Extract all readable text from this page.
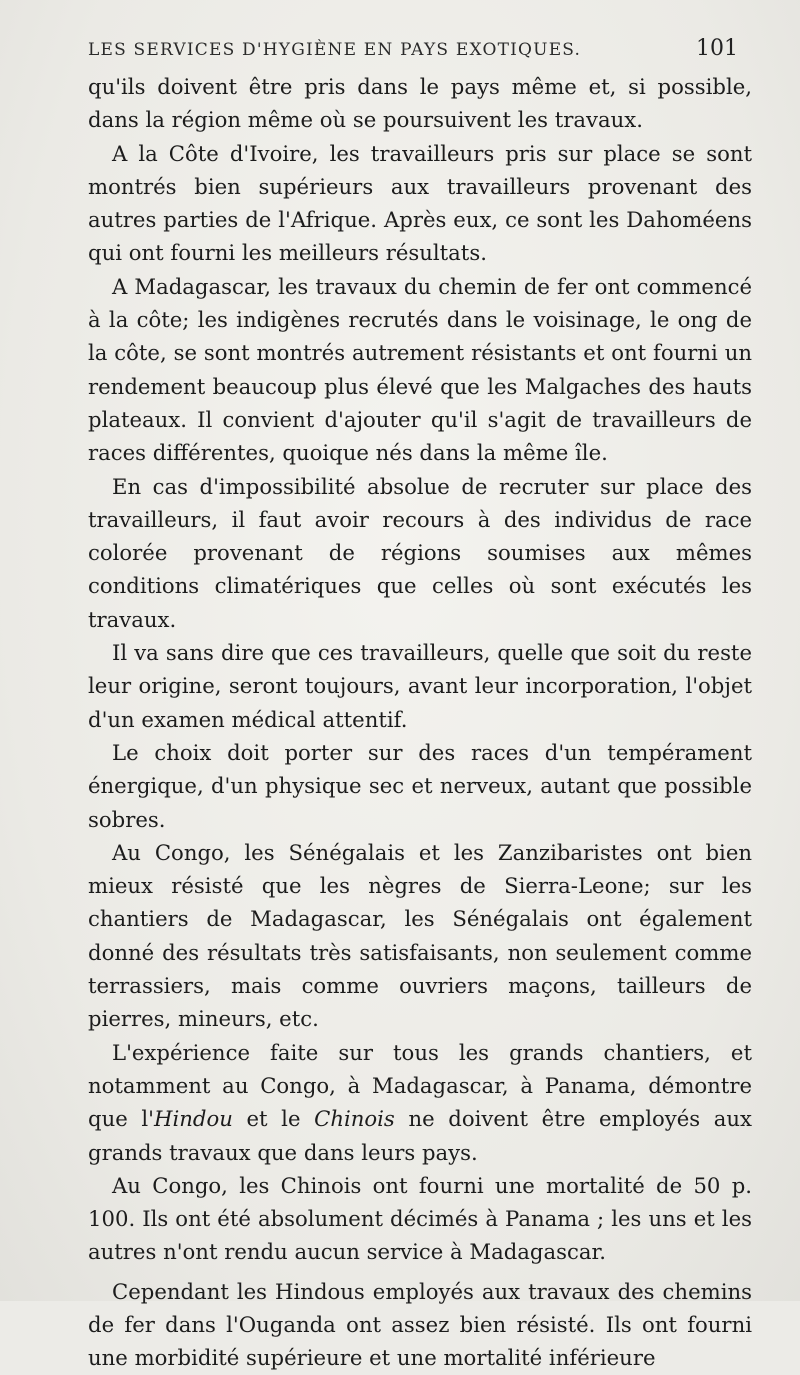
LES SERVICES D'HYGIÈNE EN PAYS EXOTIQUES.	101

qu'ils doivent être pris dans le pays même et, si possible, dans la région même où se poursuivent les travaux.

A la Côte d'Ivoire, les travailleurs pris sur place se sont montrés bien supérieurs aux travailleurs provenant des autres parties de l'Afrique. Après eux, ce sont les Dahoméens qui ont fourni les meilleurs résultats.

A Madagascar, les travaux du chemin de fer ont commencé à la côte; les indigènes recrutés dans le voisinage, le ong de la côte, se sont montrés autrement résistants et ont fourni un rendement beaucoup plus élevé que les Malgaches des hauts plateaux. Il convient d'ajouter qu'il s'agit de travailleurs de races différentes, quoique nés dans la même île.

En cas d'impossibilité absolue de recruter sur place des travailleurs, il faut avoir recours à des individus de race colorée provenant de régions soumises aux mêmes conditions climatériques que celles où sont exécutés les travaux.

Il va sans dire que ces travailleurs, quelle que soit du reste leur origine, seront toujours, avant leur incorporation, l'objet d'un examen médical attentif.

Le choix doit porter sur des races d'un tempérament énergique, d'un physique sec et nerveux, autant que possible sobres.

Au Congo, les Sénégalais et les Zanzibaristes ont bien mieux résisté que les nègres de Sierra-Leone; sur les chantiers de Madagascar, les Sénégalais ont également donné des résultats très satisfaisants, non seulement comme terrassiers, mais comme ouvriers maçons, tailleurs de pierres, mineurs, etc.

L'expérience faite sur tous les grands chantiers, et notamment au Congo, à Madagascar, à Panama, démontre que l'Hindou et le Chinois ne doivent être employés aux grands travaux que dans leurs pays.

Au Congo, les Chinois ont fourni une mortalité de 50 p. 100. Ils ont été absolument décimés à Panama ; les uns et les autres n'ont rendu aucun service à Madagascar.

Cependant les Hindous employés aux travaux des chemins de fer dans l'Ouganda ont assez bien résisté. Ils ont fourni une morbidité supérieure et une mortalité inférieure
